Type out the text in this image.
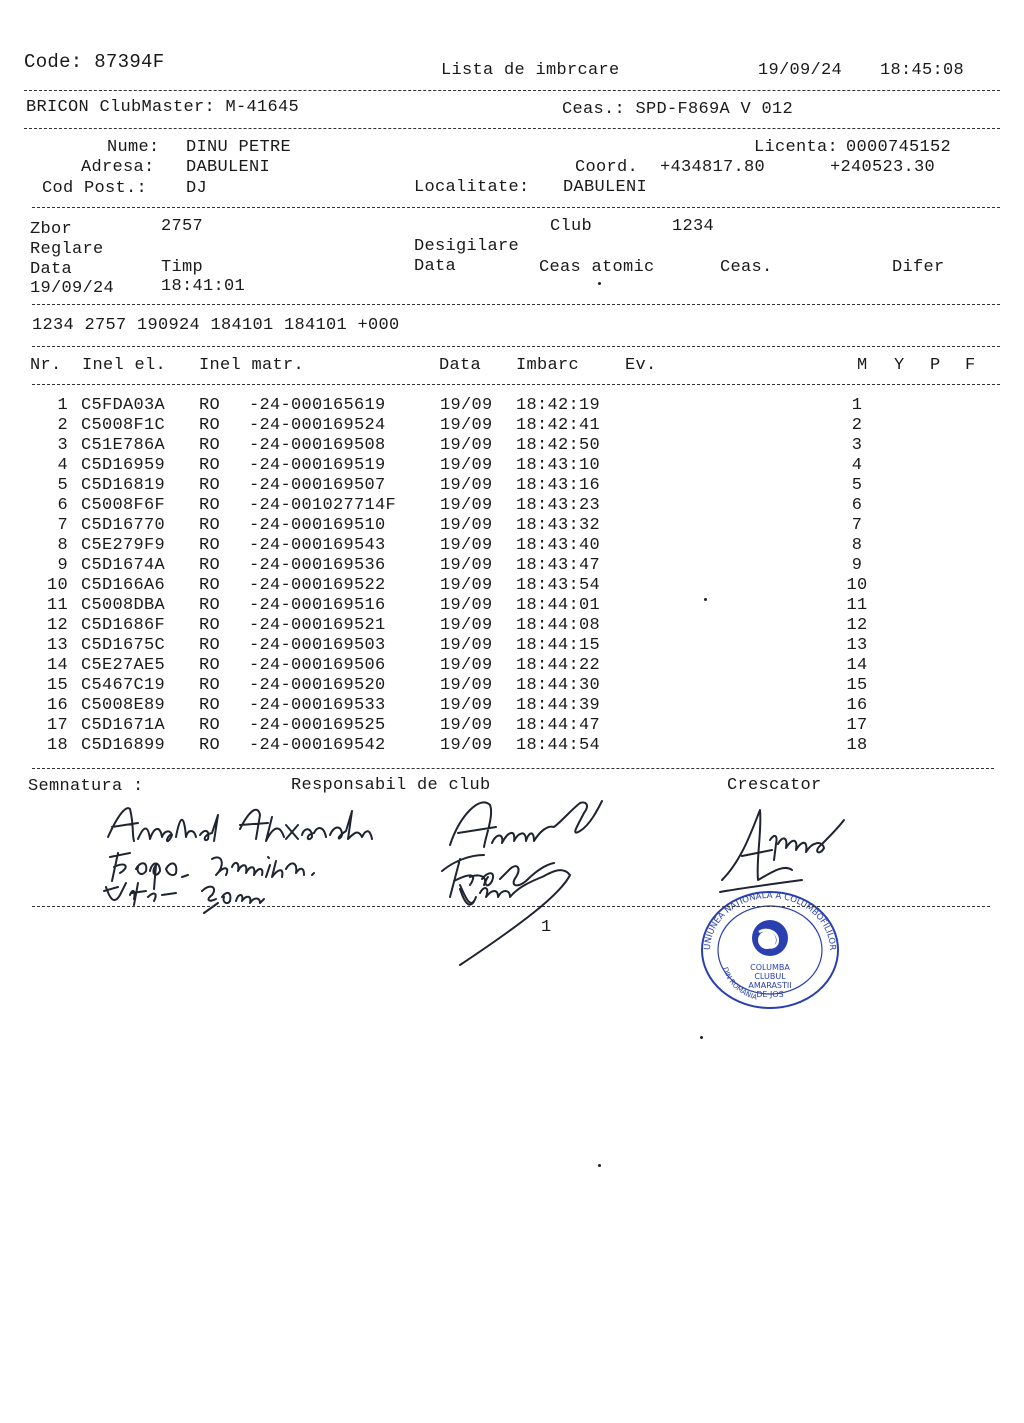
Code: 87394F	Lista de imbrcare	19/09/24 18:45:08
BRICON ClubMaster: M-41645	Ceas.: SPD-F869A V 012
Nume: DINU PETRE	Licenta: 0000745152
Adresa: DABULENI	Coord. +434817.80	+240523.30
Cod Post.: DJ	Localitate: DABULENI
Zbor	2757	Club	1234
Reglare	Desigilare
Data	Timp	Data	Ceas atomic	Ceas.	Difer
19/09/24	18:41:01
1234 2757 190924 184101 184101 +000
Nr. Inel el. Inel matr.	Data Imbarc	Ev.	M Y P F
1 C5FDA03A RO -24-000165619	19/09 18:42:19	1
2 C5008F1C RO -24-000169524	19/09 18:42:41	2
3 C51E786A RO -24-000169508	19/09 18:42:50	3
4 C5D16959 RO -24-000169519	19/09 18:43:10	4
5 C5D16819 RO -24-000169507	19/09 18:43:16	5
6 C5008F6F RO -24-001027714F	19/09 18:43:23	6
7 C5D16770 RO -24-000169510	19/09 18:43:32	7
8 C5E279F9 RO -24-000169543	19/09 18:43:40	8
9 C5D1674A RO -24-000169536	19/09 18:43:47	9
10 C5D166A6 RO -24-000169522	19/09 18:43:54	10
11 C5008DBA RO -24-000169516	19/09 18:44:01	11
12 C5D1686F RO -24-000169521	19/09 18:44:08	12
13 C5D1675C RO -24-000169503	19/09 18:44:15	13
14 C5E27AE5 RO -24-000169506	19/09 18:44:22	14
15 C5467C19 RO -24-000169520	19/09 18:44:30	15
16 C5008E89 RO -24-000169533	19/09 18:44:39	16
17 C5D1671A RO -24-000169525	19/09 18:44:47	17
18 C5D16899 RO -24-000169542	19/09 18:44:54	18
Semnatura :	Responsabil de club	Crescator
UNIUNEA NATIONALA A COLUMBOFILILOR
DIN ROMANIA
COLUMBA
CLUBUL
AMARASTII
DE JOS
1
